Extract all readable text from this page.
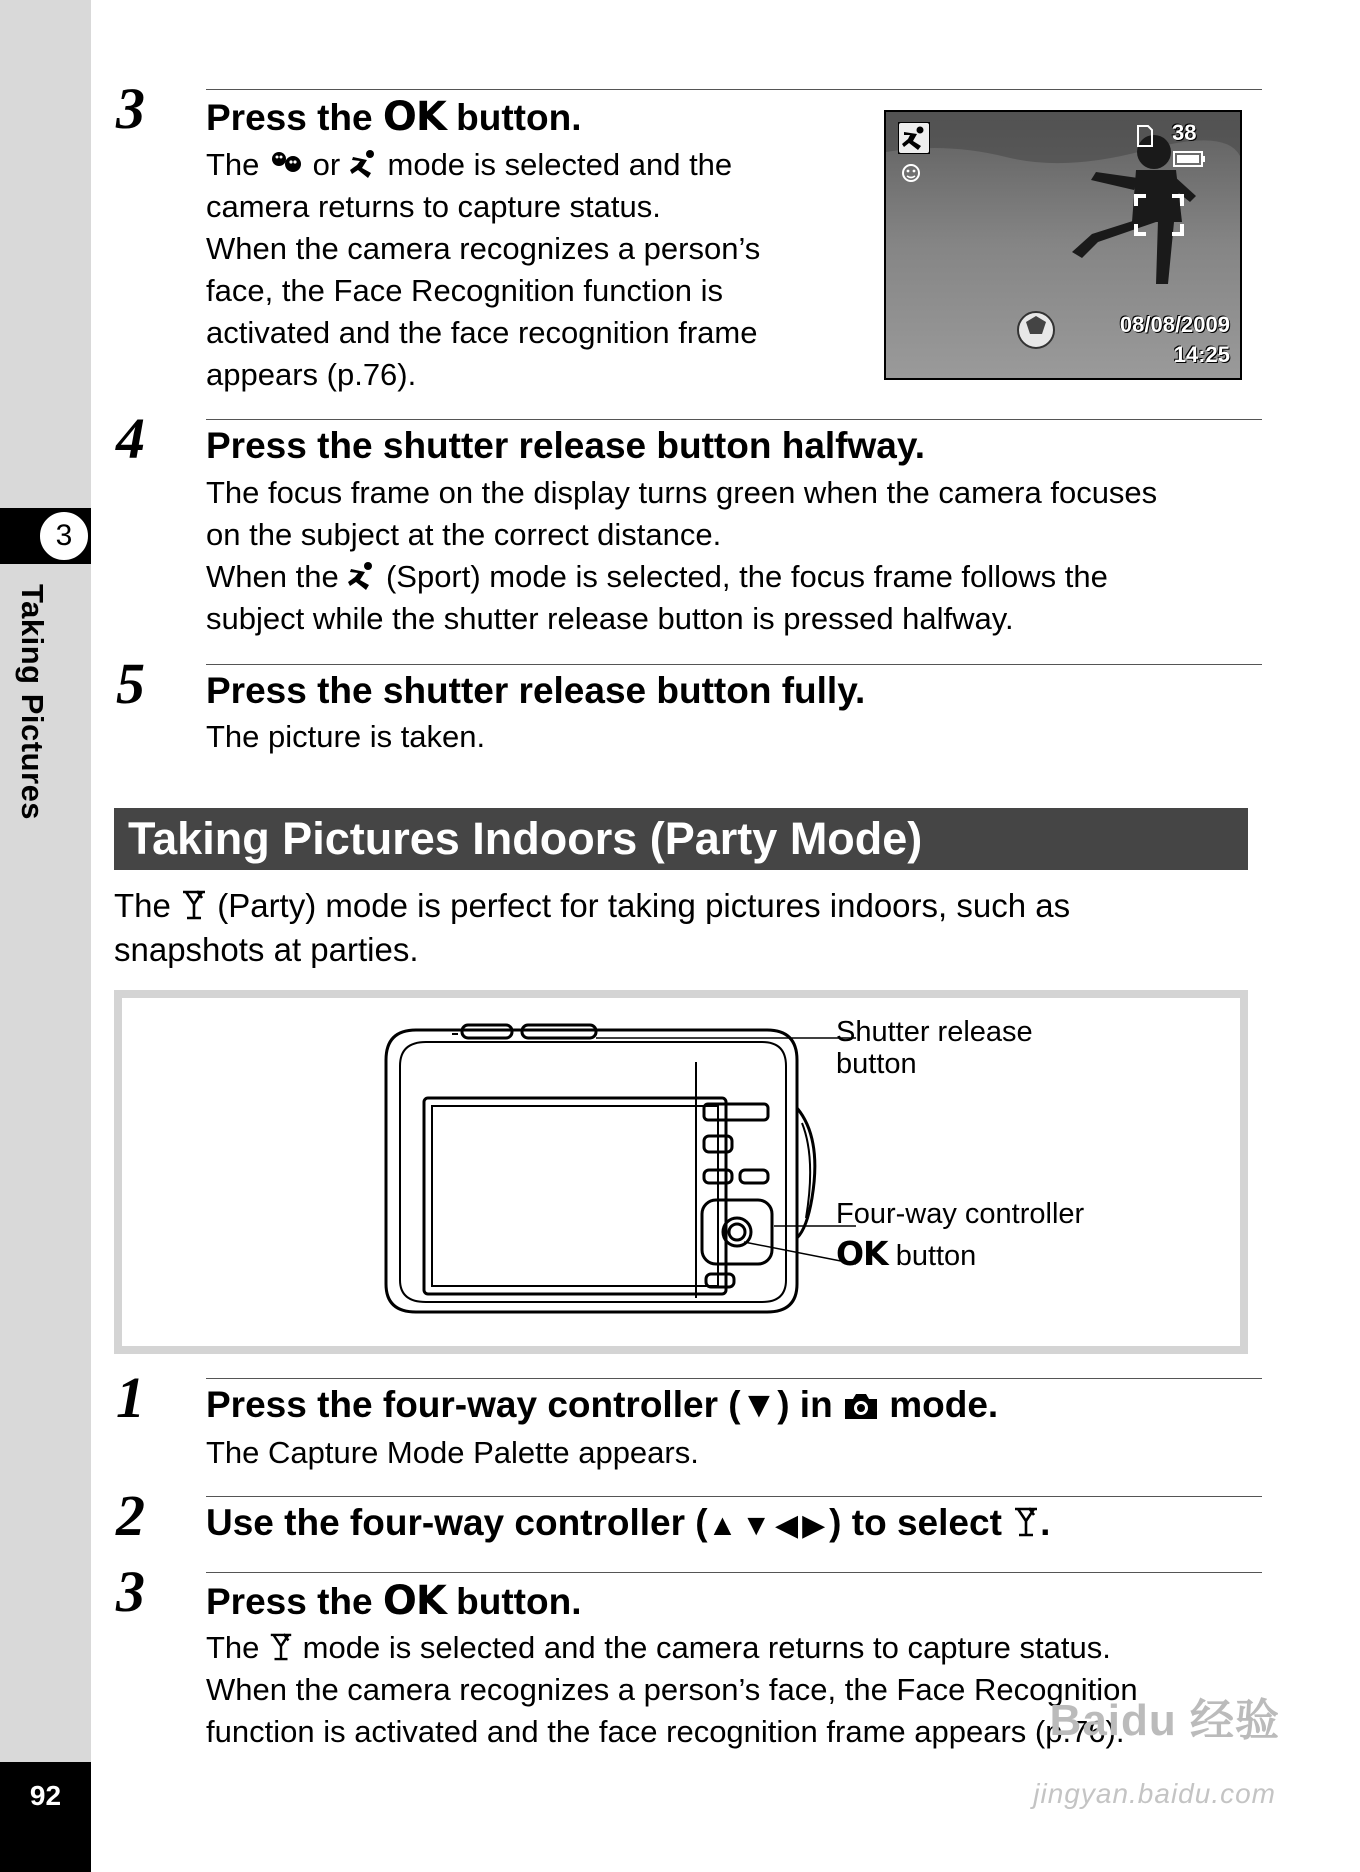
3
Taking Pictures
92
3 Press the OK button.

The or mode is selected and the

camera returns to capture status.

When the camera recognizes a person’s

face, the Face Recognition function is

activated and the face recognition frame

appears (p.76).

38
08/08/2009
14:25
4 Press the shutter release button halfway.

The focus frame on the display turns green when the camera focuses

on the subject at the correct distance.

When the (Sport) mode is selected, the focus frame follows the

subject while the shutter release button is pressed halfway.

5 Press the shutter release button fully.

The picture is taken.

Taking Pictures Indoors (Party Mode)
The (Party) mode is perfect for taking pictures indoors, such as
snapshots at parties.
Shutter release
button
Four-way controller
OK button
1 Press the four-way controller (▼) in mode.

The Capture Mode Palette appears.

2 Use the four-way controller (▲▼◀▶) to select .
3 Press the OK button.

The mode is selected and the camera returns to capture status.

When the camera recognizes a person’s face, the Face Recognition

function is activated and the face recognition frame appears (p.76).

Baidu 经验
jingyan.baidu.com
